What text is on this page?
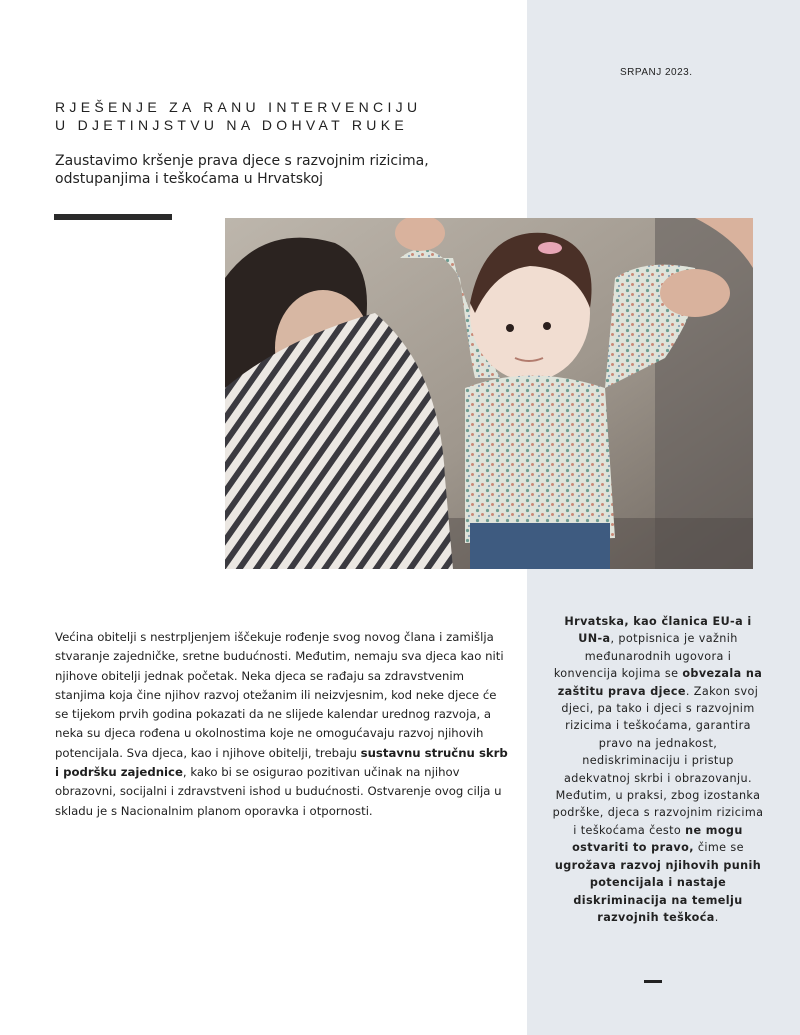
SRPANJ 2023.
RJEŠENJE ZA RANU INTERVENCIJU
U DJETINJSTVU NA DOHVAT RUKE
Zaustavimo kršenje prava djece s razvojnim rizicima,
odstupanjima i teškoćama u Hrvatskoj

Većina obitelji s nestrpljenjem iščekuje rođenje svog novog člana i zamišlja stvaranje zajedničke, sretne budućnosti. Međutim, nemaju sva djeca kao niti njihove obitelji jednak početak. Neka djeca se rađaju sa zdravstvenim stanjima koja čine njihov razvoj otežanim ili neizvjesnim, kod neke djece će se tijekom prvih godina pokazati da ne slijede kalendar urednog razvoja, a neka su djeca rođena u okolnostima koje ne omogućavaju razvoj njihovih potencijala. Sva djeca, kao i njihove obitelji, trebaju sustavnu stručnu skrb i podršku zajednice, kako bi se osigurao pozitivan učinak na njihov obrazovni, socijalni i zdravstveni ishod u budućnosti. Ostvarenje ovog cilja u skladu je s Nacionalnim planom oporavka i otpornosti.

Hrvatska, kao članica EU-a i UN-a, potpisnica je važnih međunarodnih ugovora i konvencija kojima se obvezala na zaštitu prava djece. Zakon svoj djeci, pa tako i djeci s razvojnim rizicima i teškoćama, garantira pravo na jednakost, nediskriminaciju i pristup adekvatnoj skrbi i obrazovanju. Međutim, u praksi, zbog izostanka podrške, djeca s razvojnim rizicima i teškoćama često ne mogu ostvariti to pravo, čime se ugrožava razvoj njihovih punih potencijala i nastaje diskriminacija na temelju razvojnih teškoća.
